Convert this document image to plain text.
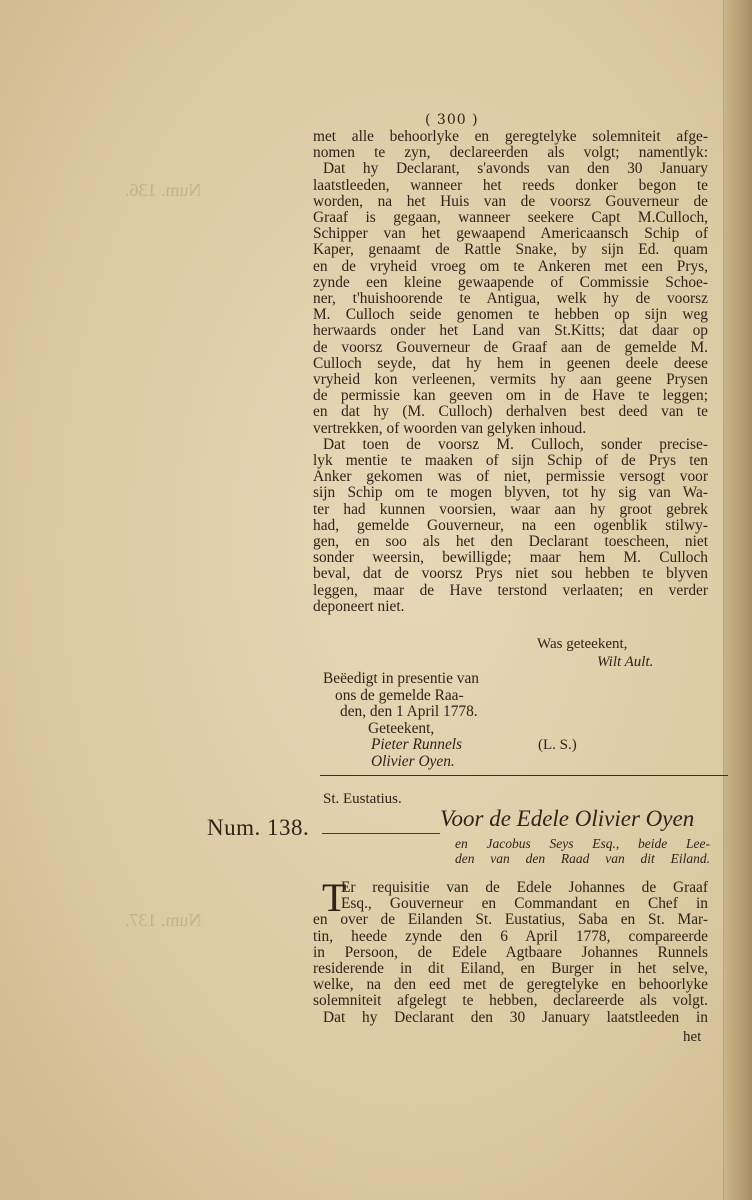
Num. 136.
Num. 137.
( 300 )
met alle behoorlyke en geregtelyke solemniteit afge-
nomen te zyn, declareerden als volgt; namentlyk:
Dat hy Declarant, s'avonds van den 30 January
laatstleeden, wanneer het reeds donker begon te
worden, na het Huis van de voorsz Gouverneur de
Graaf is gegaan, wanneer seekere Capt M.Culloch,
Schipper van het gewaapend Americaansch Schip of
Kaper, genaamt de Rattle Snake, by sijn Ed. quam
en de vryheid vroeg om te Ankeren met een Prys,
zynde een kleine gewaapende of Commissie Schoe-
ner, t'huishoorende te Antigua, welk hy de voorsz
M. Culloch seide genomen te hebben op sijn weg
herwaards onder het Land van St.Kitts; dat daar op
de voorsz Gouverneur de Graaf aan de gemelde M.
Culloch seyde, dat hy hem in geenen deele deese
vryheid kon verleenen, vermits hy aan geene Prysen
de permissie kan geeven om in de Have te leggen;
en dat hy (M. Culloch) derhalven best deed van te
vertrekken, of woorden van gelyken inhoud.
Dat toen de voorsz M. Culloch, sonder precise-
lyk mentie te maaken of sijn Schip of de Prys ten
Anker gekomen was of niet, permissie versogt voor
sijn Schip om te mogen blyven, tot hy sig van Wa-
ter had kunnen voorsien, waar aan hy groot gebrek
had, gemelde Gouverneur, na een ogenblik stilwy-
gen, en soo als het den Declarant toescheen, niet
sonder weersin, bewilligde; maar hem M. Culloch
beval, dat de voorsz Prys niet sou hebben te blyven
leggen, maar de Have terstond verlaaten; en verder
deponeert niet.
Was geteekent,
Wilt Ault.
Beëedigt in presentie van
ons de gemelde Raa-
den, den 1 April 1778.
Geteekent,
Pieter Runnels
Olivier Oyen.
(L. S.)
St. Eustatius.
Num. 138.	Voor de Edele Olivier Oyen
en Jacobus Seys Esq., beide Lee-
den van den Raad van dit Eiland.
T
Er requisitie van de Edele Johannes de Graaf
Esq., Gouverneur en Commandant en Chef in
en over de Eilanden St. Eustatius, Saba en St. Mar-
tin, heede zynde den 6 April 1778, compareerde
in Persoon, de Edele Agtbaare Johannes Runnels
residerende in dit Eiland, en Burger in het selve,
welke, na den eed met de geregtelyke en behoorlyke
solemniteit afgelegt te hebben, declareerde als volgt.
Dat hy Declarant den 30 January laatstleeden in
het
